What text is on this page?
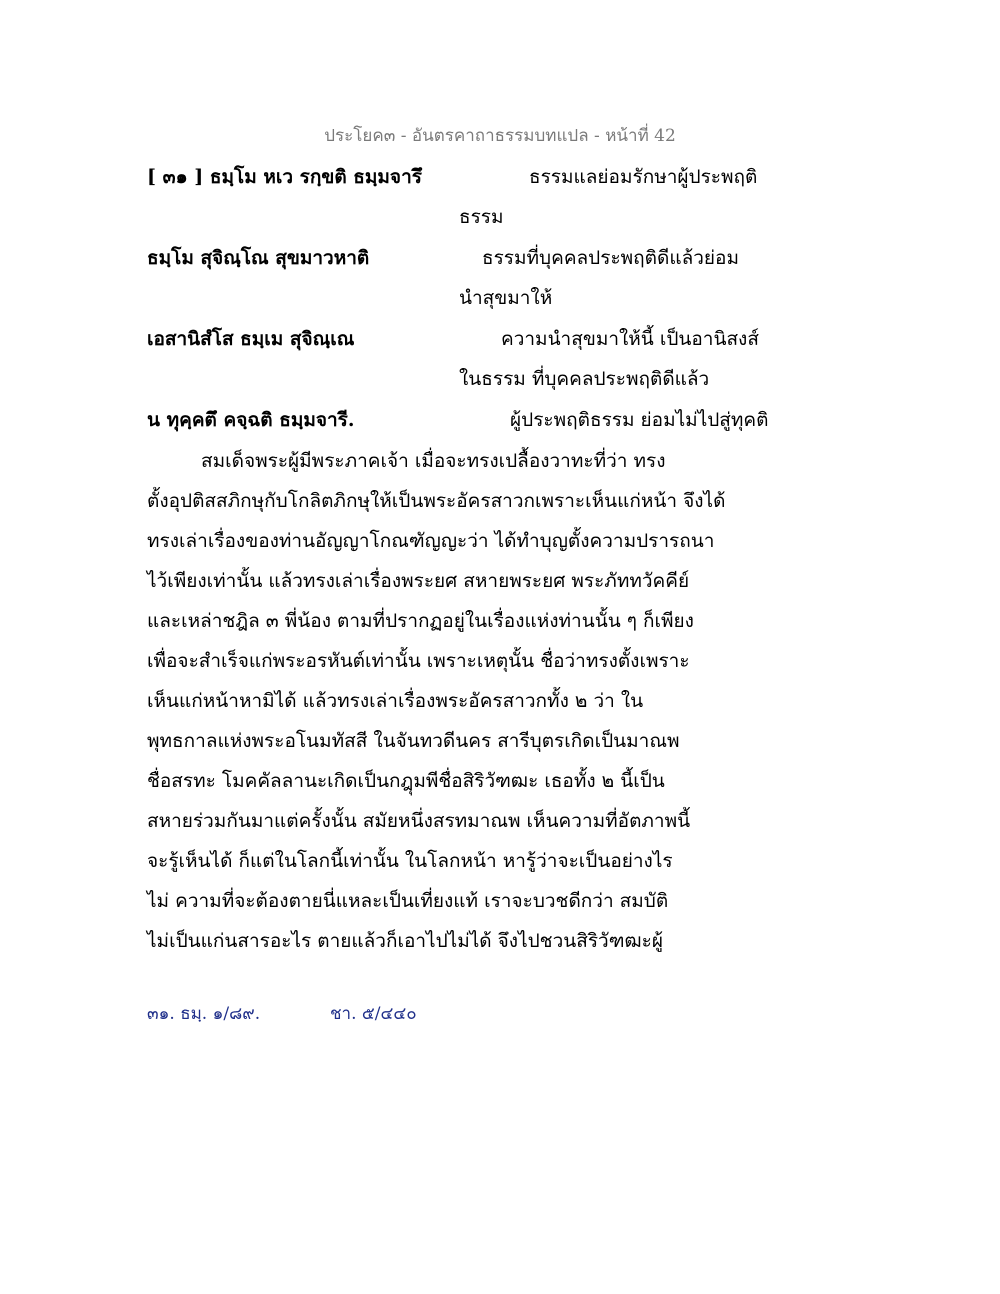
ประโยค๓ - อันตรคาถาธรรมบทแปล - หน้าที่ 42
[ ๓๑ ] ธมฺโม หเว รกฺขติ ธมฺมจารึ	ธรรมแลย่อมรักษาผู้ประพฤติ
ธรรม
ธมฺโม สุจิณฺโณ สุขมาวหาติ	ธรรมที่บุคคลประพฤติดีแล้วย่อม
นำสุขมาให้
เอสานิสํโส ธมฺเม สุจิณฺเณ	ความนำสุขมาให้นี้ เป็นอานิสงส์
ในธรรม ที่บุคคลประพฤติดีแล้ว
น ทุคฺคตึ คจฺฉติ ธมฺมจารี.	ผู้ประพฤติธรรม ย่อมไม่ไปสู่ทุคติ
สมเด็จพระผู้มีพระภาคเจ้า เมื่อจะทรงเปลื้องวาทะที่ว่า ทรง
ตั้งอุปติสสภิกษุกับโกลิตภิกษุให้เป็นพระอัครสาวกเพราะเห็นแก่หน้า จึงได้
ทรงเล่าเรื่องของท่านอัญญาโกณฑัญญะว่า ได้ทำบุญตั้งความปรารถนา
ไว้เพียงเท่านั้น แล้วทรงเล่าเรื่องพระยศ สหายพระยศ พระภัททวัคคีย์
และเหล่าชฎิล ๓ พี่น้อง ตามที่ปรากฏอยู่ในเรื่องแห่งท่านนั้น ๆ ก็เพียง
เพื่อจะสำเร็จแก่พระอรหันต์เท่านั้น เพราะเหตุนั้น ชื่อว่าทรงตั้งเพราะ
เห็นแก่หน้าหามิได้ แล้วทรงเล่าเรื่องพระอัครสาวกทั้ง ๒ ว่า ใน
พุทธกาลแห่งพระอโนมทัสสี ในจันทวดีนคร สารีบุตรเกิดเป็นมาณพ
ชื่อสรทะ โมคคัลลานะเกิดเป็นกฎุมพีชื่อสิริวัฑฒะ เธอทั้ง ๒ นี้เป็น
สหายร่วมกันมาแต่ครั้งนั้น สมัยหนึ่งสรทมาณพ เห็นความที่อัตภาพนี้
จะรู้เห็นได้ ก็แต่ในโลกนี้เท่านั้น ในโลกหน้า หารู้ว่าจะเป็นอย่างไร
ไม่ ความที่จะต้องตายนี่แหละเป็นเที่ยงแท้ เราจะบวชดีกว่า สมบัติ
ไม่เป็นแก่นสารอะไร ตายแล้วก็เอาไปไม่ได้ จึงไปชวนสิริวัฑฒะผู้
๓๑. ธมฺ. ๑/๘๙.	ชา. ๕/๔๔๐
